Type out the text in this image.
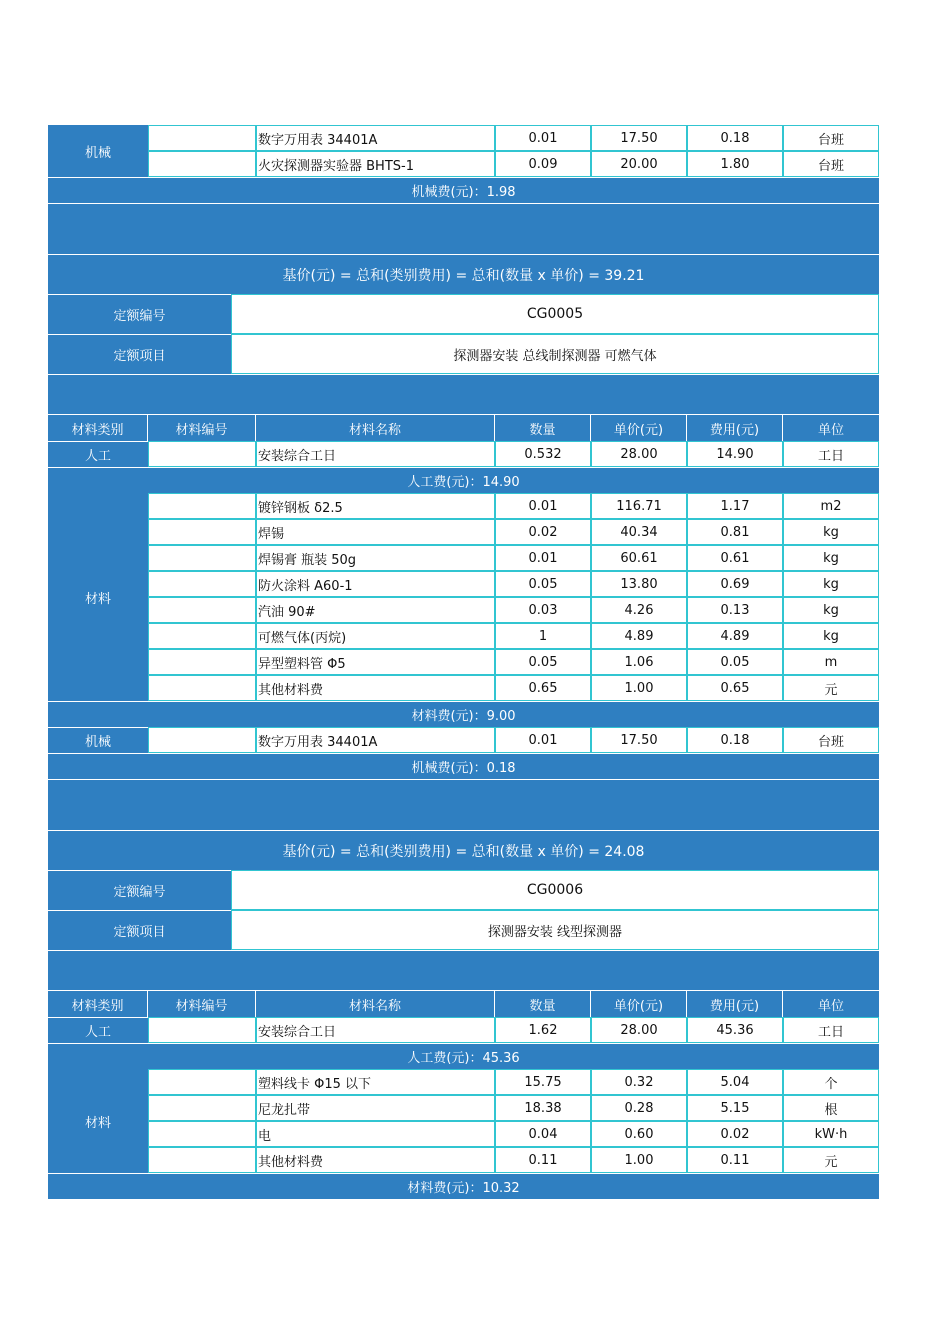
机械
数字万用表 34401A	0.01	17.50	0.18	台班
火灾探测器实验器 BHTS-1	0.09	20.00	1.80	台班
机械费(元)：1.98
基价(元) = 总和(类别费用) = 总和(数量 x 单价) = 39.21
定额编号	CG0005
定额项目	探测器安装 总线制探测器 可燃气体
材料类别	材料编号	材料名称	数量	单价(元)	费用(元)	单位
人工	安装综合工日	0.532	28.00	14.90	工日
人工费(元)：14.90
材料
镀锌钢板 δ2.5	0.01	116.71	1.17	m2
焊锡	0.02	40.34	0.81	kg
焊锡膏 瓶装 50g	0.01	60.61	0.61	kg
防火涂料 A60-1	0.05	13.80	0.69	kg
汽油 90#	0.03	4.26	0.13	kg
可燃气体(丙烷)	1	4.89	4.89	kg
异型塑料管 Φ5	0.05	1.06	0.05	m
其他材料费	0.65	1.00	0.65	元
材料费(元)：9.00
机械	数字万用表 34401A	0.01	17.50	0.18	台班
机械费(元)：0.18
基价(元) = 总和(类别费用) = 总和(数量 x 单价) = 24.08
定额编号	CG0006
定额项目	探测器安装 线型探测器
材料类别	材料编号	材料名称	数量	单价(元)	费用(元)	单位
人工	安装综合工日	1.62	28.00	45.36	工日
人工费(元)：45.36
材料
塑料线卡 Φ15 以下	15.75	0.32	5.04	个
尼龙扎带	18.38	0.28	5.15	根
电	0.04	0.60	0.02	kW·h
其他材料费	0.11	1.00	0.11	元
材料费(元)：10.32
